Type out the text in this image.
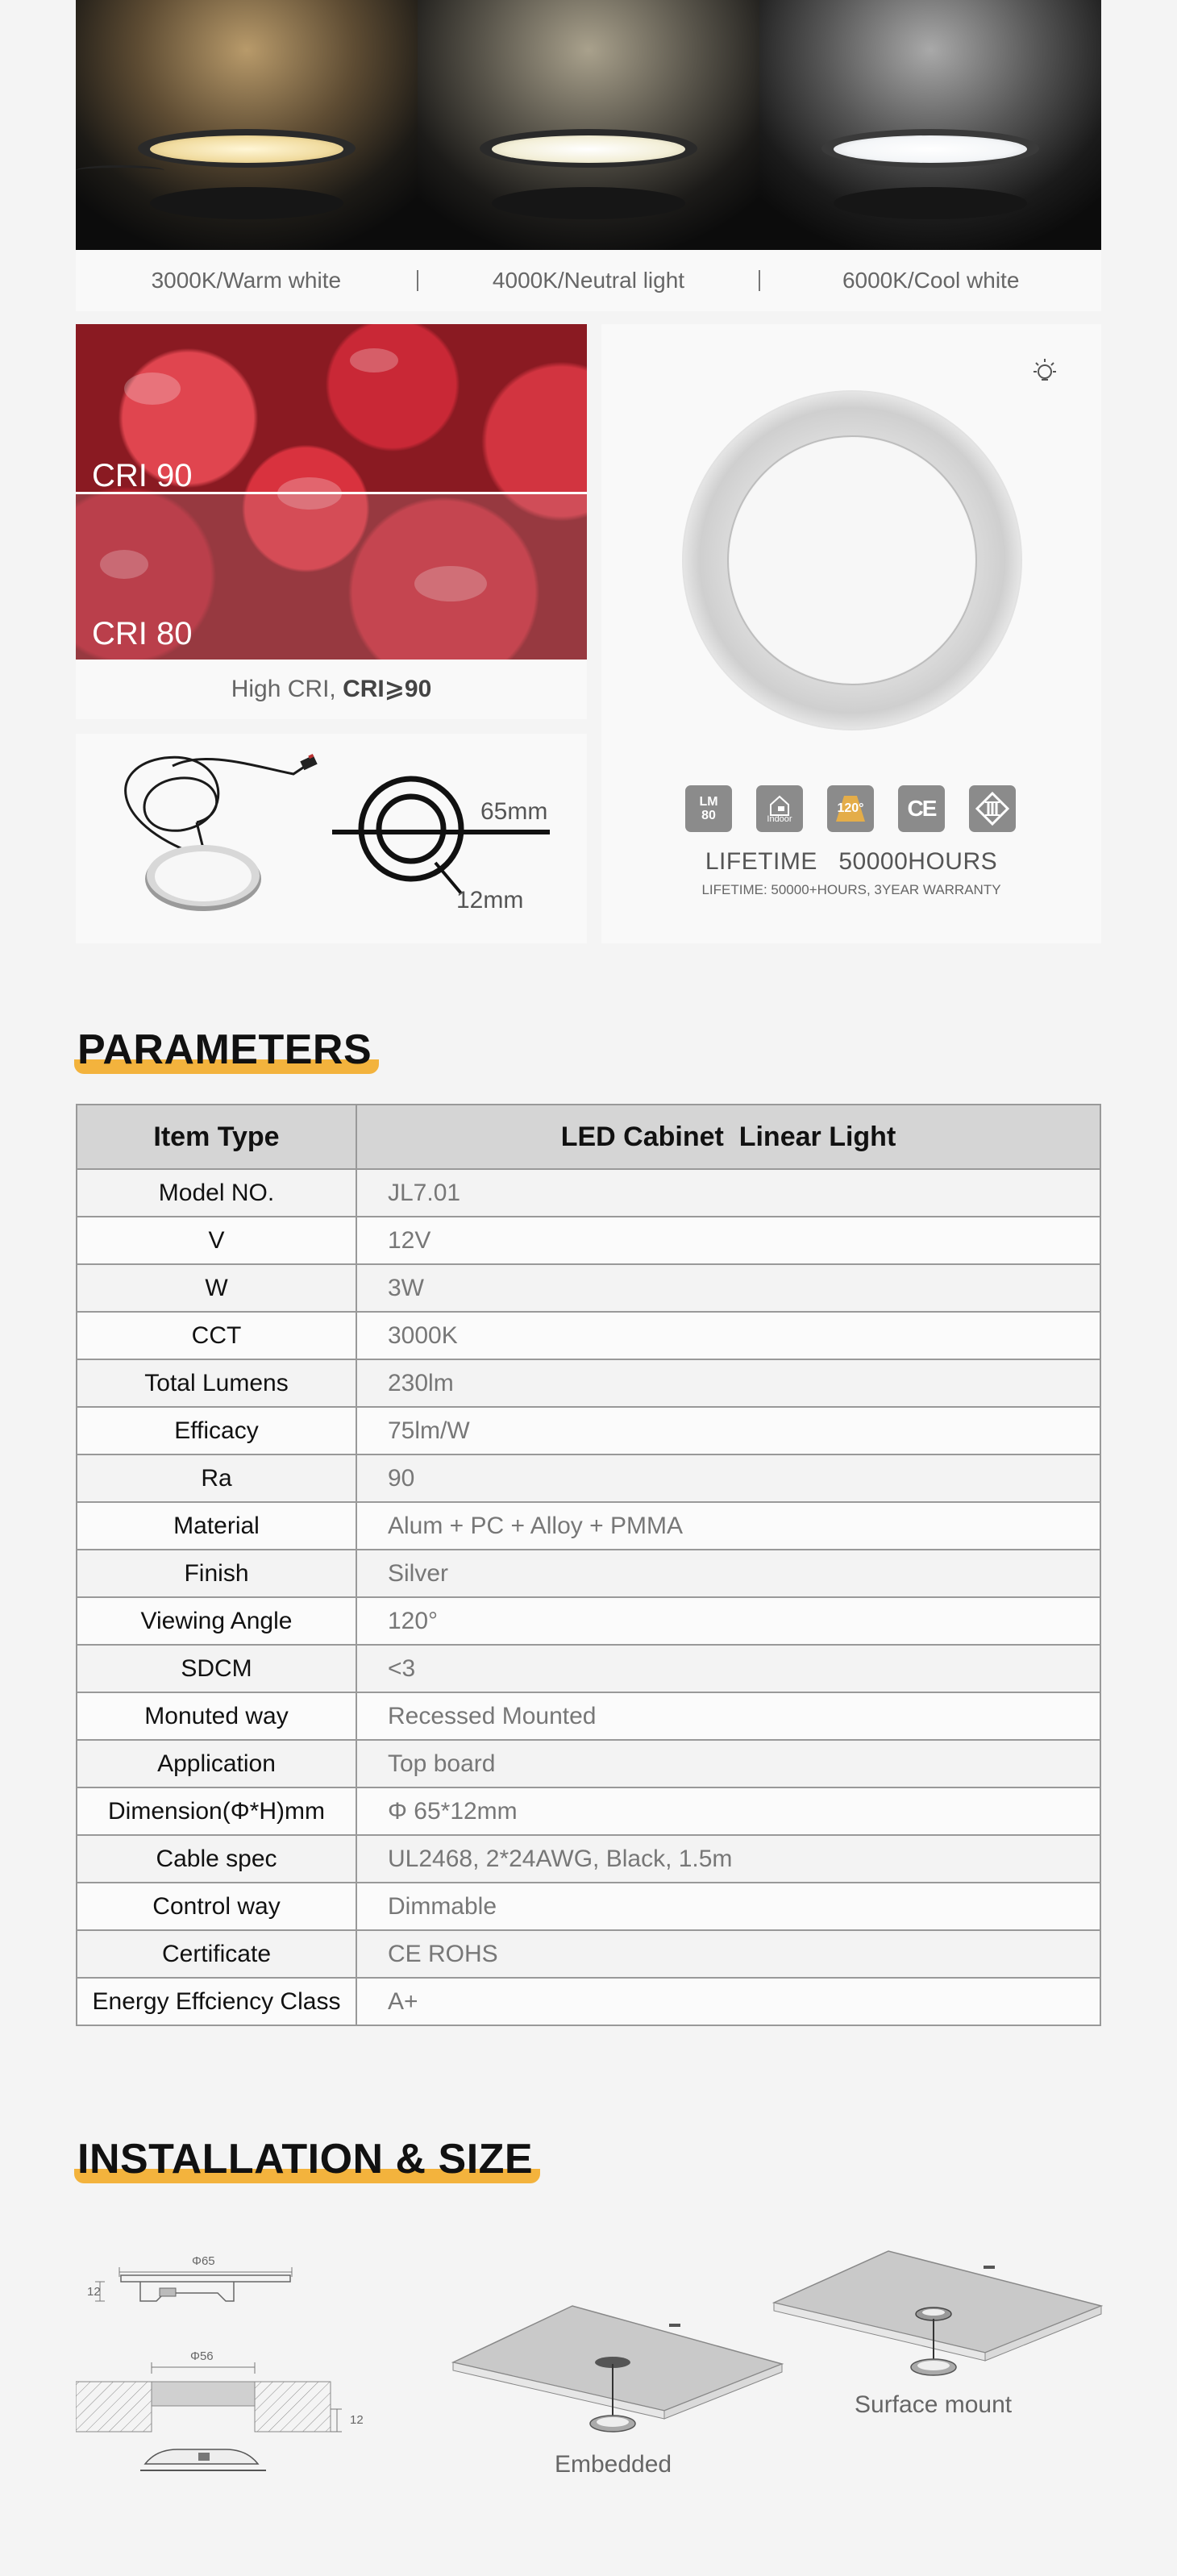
3000K/Warm white	4000K/Neutral light	6000K/Cool white
CRI 90
CRI 80
High CRI, CRI⩾90
65mm
12mm
LM
80	Indoor
120° CE
LIFETIME   50000HOURS
LIFETIME: 50000+HOURS, 3YEAR WARRANTY
PARAMETERS
Item Type	LED Cabinet  Linear Light
Model NO.	JL7.01
V	12V
W	3W
CCT	3000K
Total Lumens	230lm
Efficacy	75lm/W
Ra	90
Material	Alum + PC + Alloy + PMMA
Finish	Silver
Viewing Angle	120°
SDCM	<3
Monuted way	Recessed Mounted
Application	Top board
Dimension(Φ*H)mm	Φ 65*12mm
Cable spec	UL2468, 2*24AWG, Black, 1.5m
Control way	Dimmable
Certificate	CE ROHS
Energy Effciency Class	A+
INSTALLATION & SIZE
Φ65
12
Φ56
12
Embedded
Surface mount
